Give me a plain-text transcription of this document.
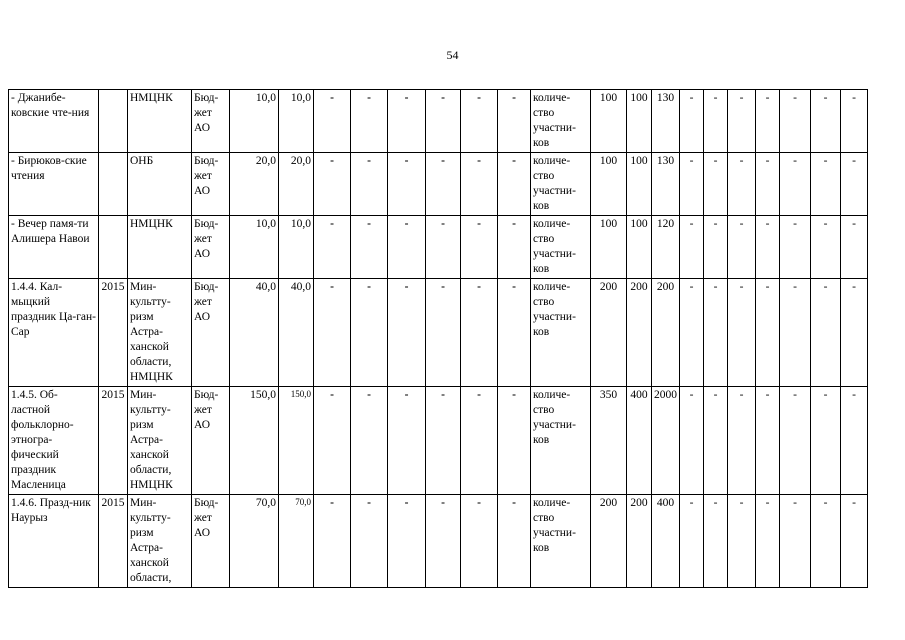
54
- Джанибе-ковские чте-ния		НМЦНК	Бюд-жет АО	10,0	10,0	-	-	-	-	-	-	количе-ство участни-ков	100	100	130	-	-	-	-	-	-	-
- Бирюков-ские чтения		ОНБ	Бюд-жет АО	20,0	20,0	-	-	-	-	-	-	количе-ство участни-ков	100	100	130	-	-	-	-	-	-	-
- Вечер памя-ти Алишера Навои		НМЦНК	Бюд-жет АО	10,0	10,0	-	-	-	-	-	-	количе-ство участни-ков	100	100	120	-	-	-	-	-	-	-
1.4.4. Кал-мыцкий праздник Ца-ган-Сар	2015	Мин-культту-ризм Астра-ханской области, НМЦНК	Бюд-жет АО	40,0	40,0	-	-	-	-	-	-	количе-ство участни-ков	200	200	200	-	-	-	-	-	-	-
1.4.5. Об-ластной фольклорно-этногра-фический праздник Масленица	2015	Мин-культту-ризм Астра-ханской области, НМЦНК	Бюд-жет АО	150,0	150,0	-	-	-	-	-	-	количе-ство участни-ков	350	400	2000	-	-	-	-	-	-	-
1.4.6. Празд-ник Наурыз	2015	Мин-культту-ризм Астра-ханской области,	Бюд-жет АО	70,0	70,0	-	-	-	-	-	-	количе-ство участни-ков	200	200	400	-	-	-	-	-	-	-
